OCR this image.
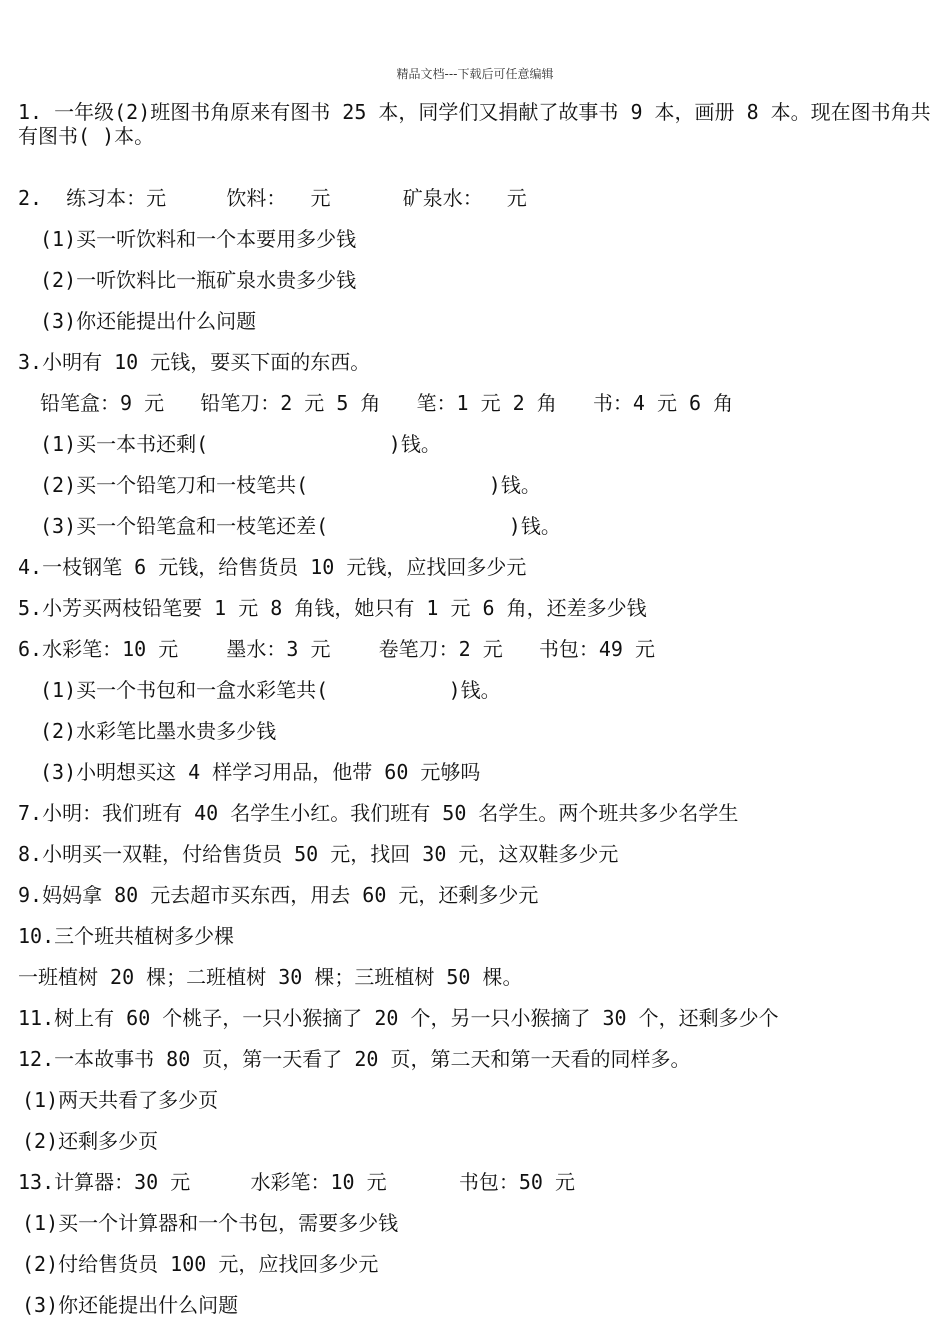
精品文档---下载后可任意编辑
1. 一年级(2)班图书角原来有图书 25 本，同学们又捐献了故事书 9 本，画册 8 本。现在图书角共有图书( )本。
2.  练习本：元     饮料：  元      矿泉水：  元
(1)买一听饮料和一个本要用多少钱
(2)一听饮料比一瓶矿泉水贵多少钱
(3)你还能提出什么问题
3.小明有 10 元钱，要买下面的东西。
铅笔盒：9 元   铅笔刀：2 元 5 角   笔：1 元 2 角   书：4 元 6 角
(1)买一本书还剩(               )钱。
(2)买一个铅笔刀和一枝笔共(               )钱。
(3)买一个铅笔盒和一枝笔还差(               )钱。
4.一枝钢笔 6 元钱，给售货员 10 元钱，应找回多少元
5.小芳买两枝铅笔要 1 元 8 角钱，她只有 1 元 6 角，还差多少钱
6.水彩笔：10 元    墨水：3 元    卷笔刀：2 元   书包：49 元
(1)买一个书包和一盒水彩笔共(          )钱。
(2)水彩笔比墨水贵多少钱
(3)小明想买这 4 样学习用品，他带 60 元够吗
7.小明：我们班有 40 名学生小红。我们班有 50 名学生。两个班共多少名学生
8.小明买一双鞋，付给售货员 50 元，找回 30 元，这双鞋多少元
9.妈妈拿 80 元去超市买东西，用去 60 元，还剩多少元
10.三个班共植树多少棵
一班植树 20 棵；二班植树 30 棵；三班植树 50 棵。
11.树上有 60 个桃子，一只小猴摘了 20 个，另一只小猴摘了 30 个，还剩多少个
12.一本故事书 80 页，第一天看了 20 页，第二天和第一天看的同样多。
(1)两天共看了多少页
(2)还剩多少页
13.计算器：30 元     水彩笔：10 元      书包：50 元
(1)买一个计算器和一个书包，需要多少钱
(2)付给售货员 100 元，应找回多少元
(3)你还能提出什么问题
